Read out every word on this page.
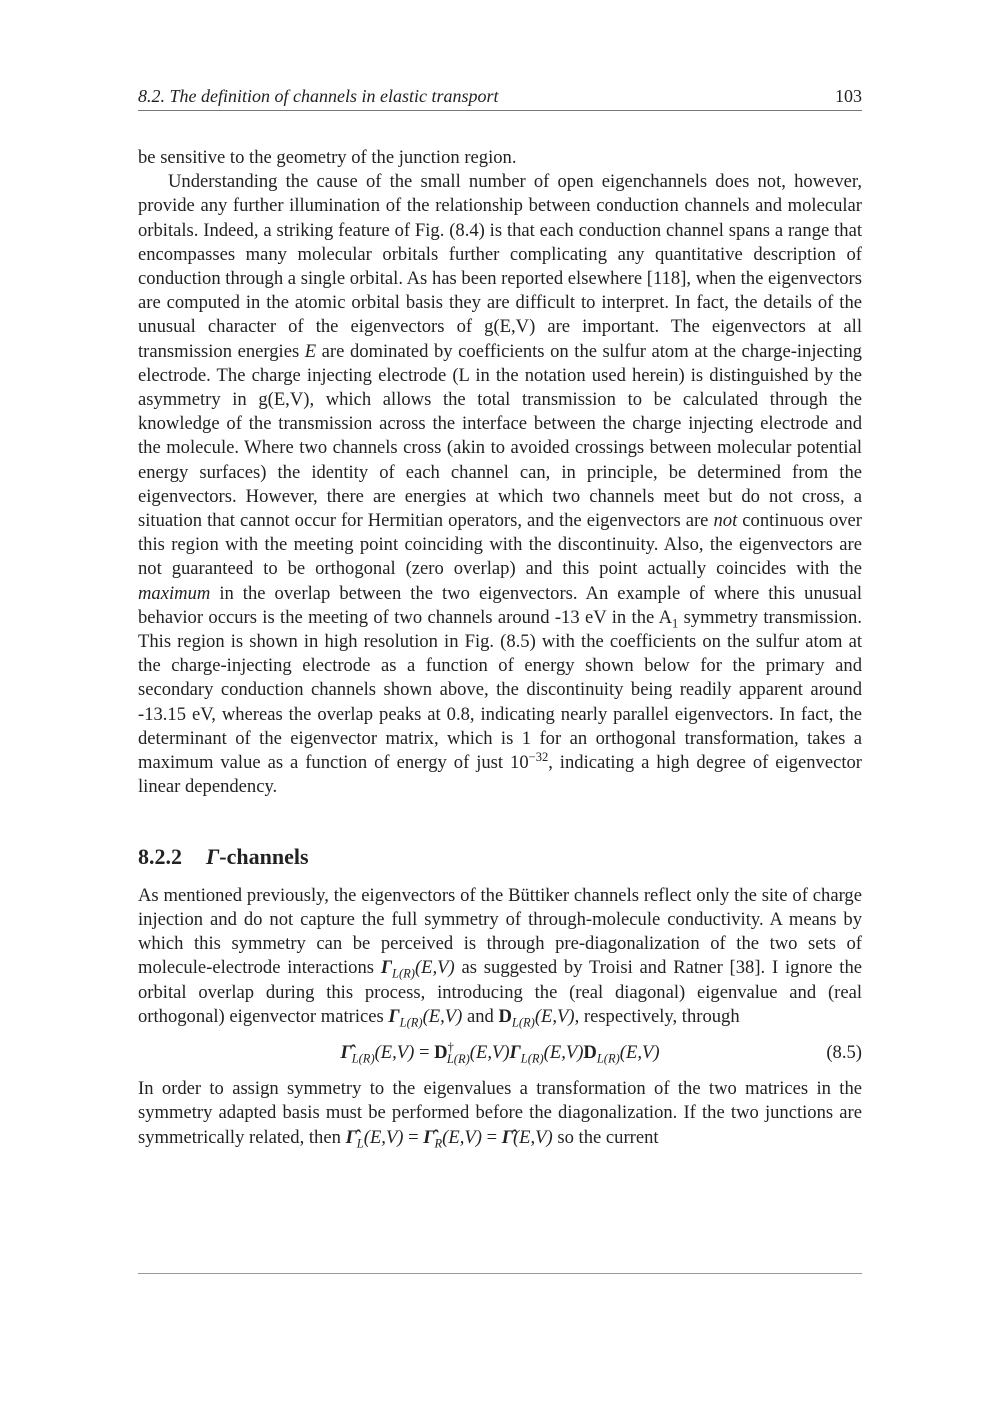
8.2. The definition of channels in elastic transport	103

be sensitive to the geometry of the junction region.

Understanding the cause of the small number of open eigenchannels does not, however, provide any further illumination of the relationship between conduction channels and molecular orbitals. Indeed, a striking feature of Fig. (8.4) is that each conduction channel spans a range that encompasses many molecular orbitals further complicating any quantitative description of conduction through a single orbital. As has been reported elsewhere [118], when the eigenvectors are computed in the atomic orbital basis they are difficult to interpret. In fact, the details of the unusual character of the eigenvectors of g(E,V) are important. The eigenvectors at all transmission energies E are dominated by coefficients on the sulfur atom at the charge-injecting electrode. The charge injecting electrode (L in the notation used herein) is distinguished by the asymmetry in g(E,V), which allows the total transmission to be calculated through the knowledge of the transmission across the interface between the charge injecting electrode and the molecule. Where two channels cross (akin to avoided crossings between molecular potential energy surfaces) the identity of each channel can, in principle, be determined from the eigenvectors. However, there are energies at which two channels meet but do not cross, a situation that cannot occur for Hermitian operators, and the eigenvectors are not continuous over this region with the meeting point coinciding with the discontinuity. Also, the eigenvectors are not guaranteed to be orthogonal (zero overlap) and this point actually coincides with the maximum in the overlap between the two eigenvectors. An example of where this unusual behavior occurs is the meeting of two channels around -13 eV in the $A_1$ symmetry transmission. This region is shown in high resolution in Fig. (8.5) with the coefficients on the sulfur atom at the charge-injecting electrode as a function of energy shown below for the primary and secondary conduction channels shown above, the discontinuity being readily apparent around -13.15 eV, whereas the overlap peaks at 0.8, indicating nearly parallel eigenvectors. In fact, the determinant of the eigenvector matrix, which is 1 for an orthogonal transformation, takes a maximum value as a function of energy of just $10^{-32}$, indicating a high degree of eigenvector linear dependency.

8.2.2 Γ-channels

As mentioned previously, the eigenvectors of the Büttiker channels reflect only the site of charge injection and do not capture the full symmetry of through-molecule conductivity. A means by which this symmetry can be perceived is through pre-diagonalization of the two sets of molecule-electrode interactions $\Gamma_{L(R)}(E,V)$ as suggested by Troisi and Ratner [38]. I ignore the orbital overlap during this process, introducing the (real diagonal) eigenvalue and (real orthogonal) eigenvector matrices $\Gamma_{L(R)}(E,V)$ and $D_{L(R)}(E,V)$, respectively, through

$\Gammâ_{L(R)}(E,V) = D^\dagger_{L(R)}(E,V)\Gamma_{L(R)}(E,V)D_{L(R)}(E,V)$	(8.5)

In order to assign symmetry to the eigenvalues a transformation of the two matrices in the symmetry adapted basis must be performed before the diagonalization. If the two junctions are symmetrically related, then $\Gammâ_L(E,V)$ = $\Gammâ_R(E,V)$ = Γ̂(E,V) so the current
